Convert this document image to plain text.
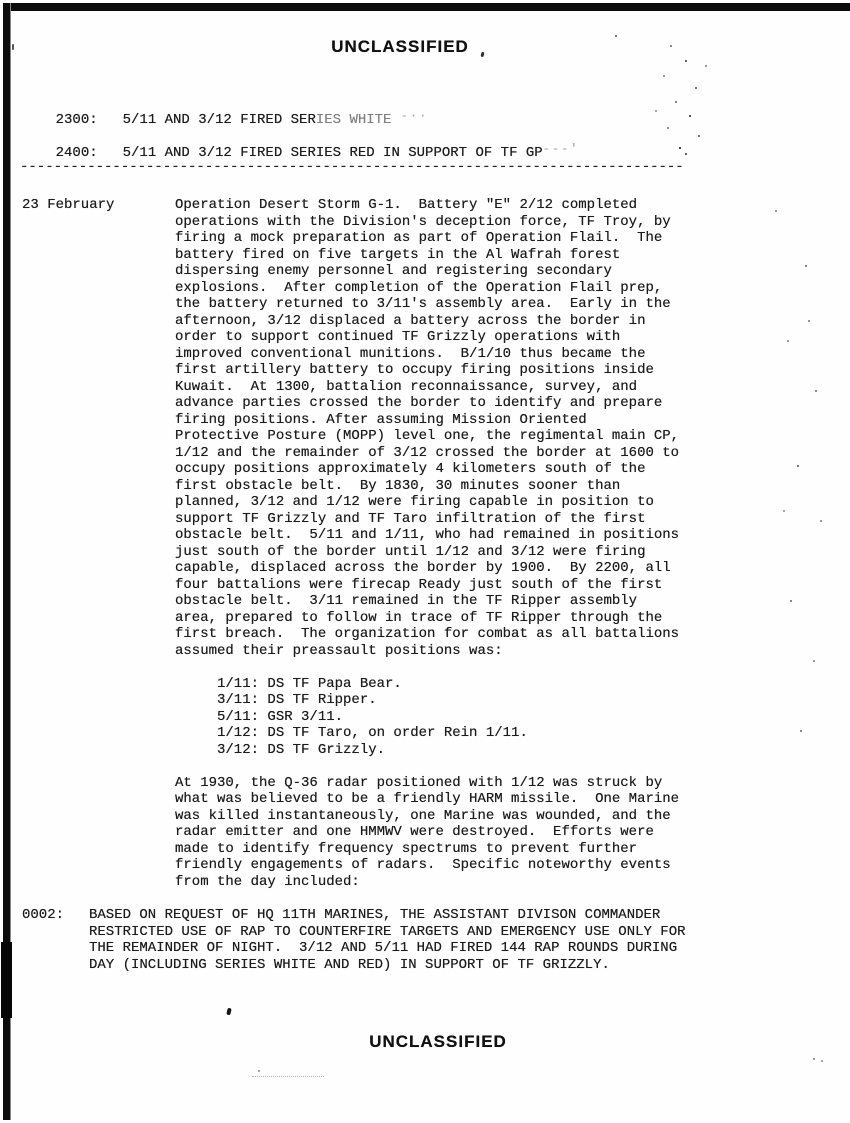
UNCLASSIFIED

2300: 5/11 AND 3/12 FIRED SERIES WHITE -··

2400: 5/11 AND 3/12 FIRED SERIES RED IN SUPPORT OF TF GP---'

-------------------------------------------------------------------------------
23 February	Operation Desert Storm G-1.  Battery "E" 2/12 completed
operations with the Division's deception force, TF Troy, by
firing a mock preparation as part of Operation Flail.  The
battery fired on five targets in the Al Wafrah forest
dispersing enemy personnel and registering secondary
explosions.  After completion of the Operation Flail prep,
the battery returned to 3/11's assembly area.  Early in the
afternoon, 3/12 displaced a battery across the border in
order to support continued TF Grizzly operations with
improved conventional munitions.  B/1/10 thus became the
first artillery battery to occupy firing positions inside
Kuwait.  At 1300, battalion reconnaissance, survey, and
advance parties crossed the border to identify and prepare
firing positions. After assuming Mission Oriented
Protective Posture (MOPP) level one, the regimental main CP,
1/12 and the remainder of 3/12 crossed the border at 1600 to
occupy positions approximately 4 kilometers south of the
first obstacle belt.  By 1830, 30 minutes sooner than
planned, 3/12 and 1/12 were firing capable in position to
support TF Grizzly and TF Taro infiltration of the first
obstacle belt.  5/11 and 1/11, who had remained in positions
just south of the border until 1/12 and 3/12 were firing
capable, displaced across the border by 1900.  By 2200, all
four battalions were firecap Ready just south of the first
obstacle belt.  3/11 remained in the TF Ripper assembly
area, prepared to follow in trace of TF Ripper through the
first breach.  The organization for combat as all battalions
assumed their preassault positions was:

1/11: DS TF Papa Bear.
3/11: DS TF Ripper.
5/11: GSR 3/11.
1/12: DS TF Taro, on order Rein 1/11.
3/12: DS TF Grizzly.

At 1930, the Q-36 radar positioned with 1/12 was struck by
what was believed to be a friendly HARM missile.  One Marine
was killed instantaneously, one Marine was wounded, and the
radar emitter and one HMMWV were destroyed.  Efforts were
made to identify frequency spectrums to prevent further
friendly engagements of radars.  Specific noteworthy events
from the day included:
0002: BASED ON REQUEST OF HQ 11TH MARINES, THE ASSISTANT DIVISON COMMANDER
RESTRICTED USE OF RAP TO COUNTERFIRE TARGETS AND EMERGENCY USE ONLY FOR
THE REMAINDER OF NIGHT.  3/12 AND 5/11 HAD FIRED 144 RAP ROUNDS DURING
DAY (INCLUDING SERIES WHITE AND RED) IN SUPPORT OF TF GRIZZLY.
UNCLASSIFIED
